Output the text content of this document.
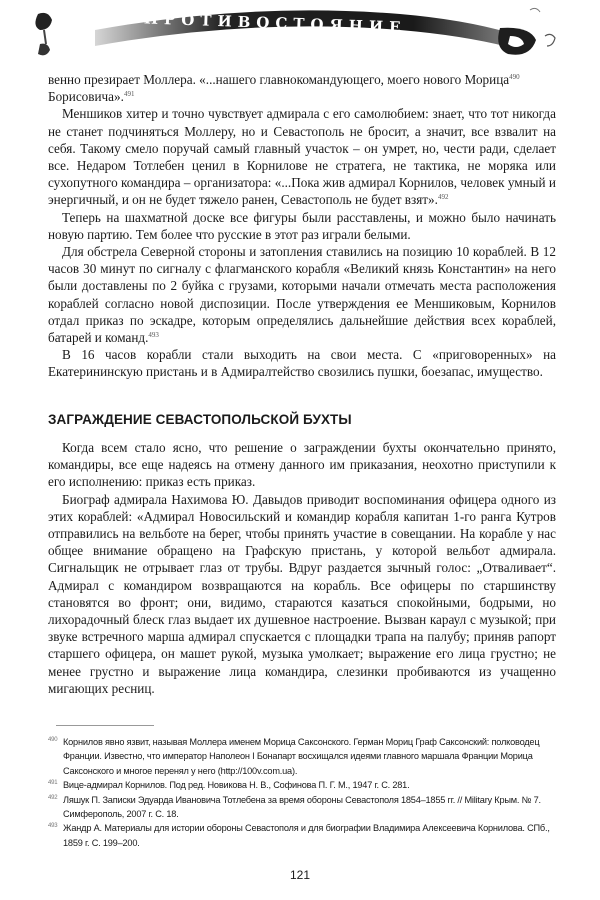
ПРОТИВОСТОЯНИЕ

венно презирает Моллера. «...нашего главнокомандующего, моего нового Морица$^{490}$

Борисовича».$^{491}$

Меншиков хитер и точно чувствует адмирала с его самолюбием: знает, что тот никогда не станет подчиняться Моллеру, но и Севастополь не бросит, а значит, все взвалит на себя. Такому смело поручай самый главный участок – он умрет, но, чести ради, сделает все. Недаром Тотлебен ценил в Корнилове не стратега, не тактика, не моряка или сухопутного командира – организатора: «...Пока жив адмирал Корнилов, человек умный и энергичный, и он не будет тяжело ранен, Севастополь не будет взят».$^{492}$

Теперь на шахматной доске все фигуры были расставлены, и можно было начинать новую партию. Тем более что русские в этот раз играли белыми.

Для обстрела Северной стороны и затопления ставились на позицию 10 кораблей. В 12 часов 30 минут по сигналу с флагманского корабля «Великий князь Константин» на него были доставлены по 2 буйка с грузами, которыми начали отмечать места расположения кораблей согласно новой диспозиции. После утверждения ее Меншиковым, Корнилов отдал приказ по эскадре, которым определялись дальнейшие действия всех кораблей, батарей и команд.$^{493}$

В 16 часов корабли стали выходить на свои места. С «приговоренных» на Екатерининскую пристань и в Адмиралтейство свозились пушки, боезапас, имущество.

ЗАГРАЖДЕНИЕ СЕВАСТОПОЛЬСКОЙ БУХТЫ

Когда всем стало ясно, что решение о заграждении бухты окончательно принято, командиры, все еще надеясь на отмену данного им приказания, неохотно приступили к его исполнению: приказ есть приказ.

Биограф адмирала Нахимова Ю. Давыдов приводит воспоминания офицера одного из этих кораблей: «Адмирал Новосильский и командир корабля капитан 1-го ранга Кутров отправились на вельботе на берег, чтобы принять участие в совещании. На корабле у нас общее внимание обращено на Графскую пристань, у которой вельбот адмирала. Сигнальщик не отрывает глаз от трубы. Вдруг раздается зычный голос: „Отваливает“. Адмирал с командиром возвращаются на корабль. Все офицеры по старшинству становятся во фронт; они, видимо, стараются казаться спокойными, бодрыми, но лихорадочный блеск глаз выдает их душевное настроение. Вызван караул с музыкой; при звуке встречного марша адмирал спускается с площадки трапа на палубу; приняв рапорт старшего офицера, он машет рукой, музыка умолкает; выражение его лица грустно; не менее грустно и выражение лица командира, слезинки пробиваются из учащенно мигающих ресниц.

490 Корнилов явно язвит, называя Моллера именем Морица Саксонского. Герман Мориц Граф Саксонский: полководец Франции. Известно, что император Наполеон I Бонапарт восхищался идеями главного маршала Франции Морица Саксонского и многое перенял у него (http://100v.com.ua).
491 Вице-адмирал Корнилов. Под ред. Новикова Н. В., Софинова П. Г. М., 1947 г. С. 281.
492 Ляшук П. Записки Эдуарда Ивановича Тотлебена за время обороны Севастополя 1854–1855 гг. // Military Крым. № 7. Симферополь, 2007 г. С. 18.
493 Жандр А. Материалы для истории обороны Севастополя и для биографии Владимира Алексеевича Корнилова. СПб., 1859 г. С. 199–200.
121
